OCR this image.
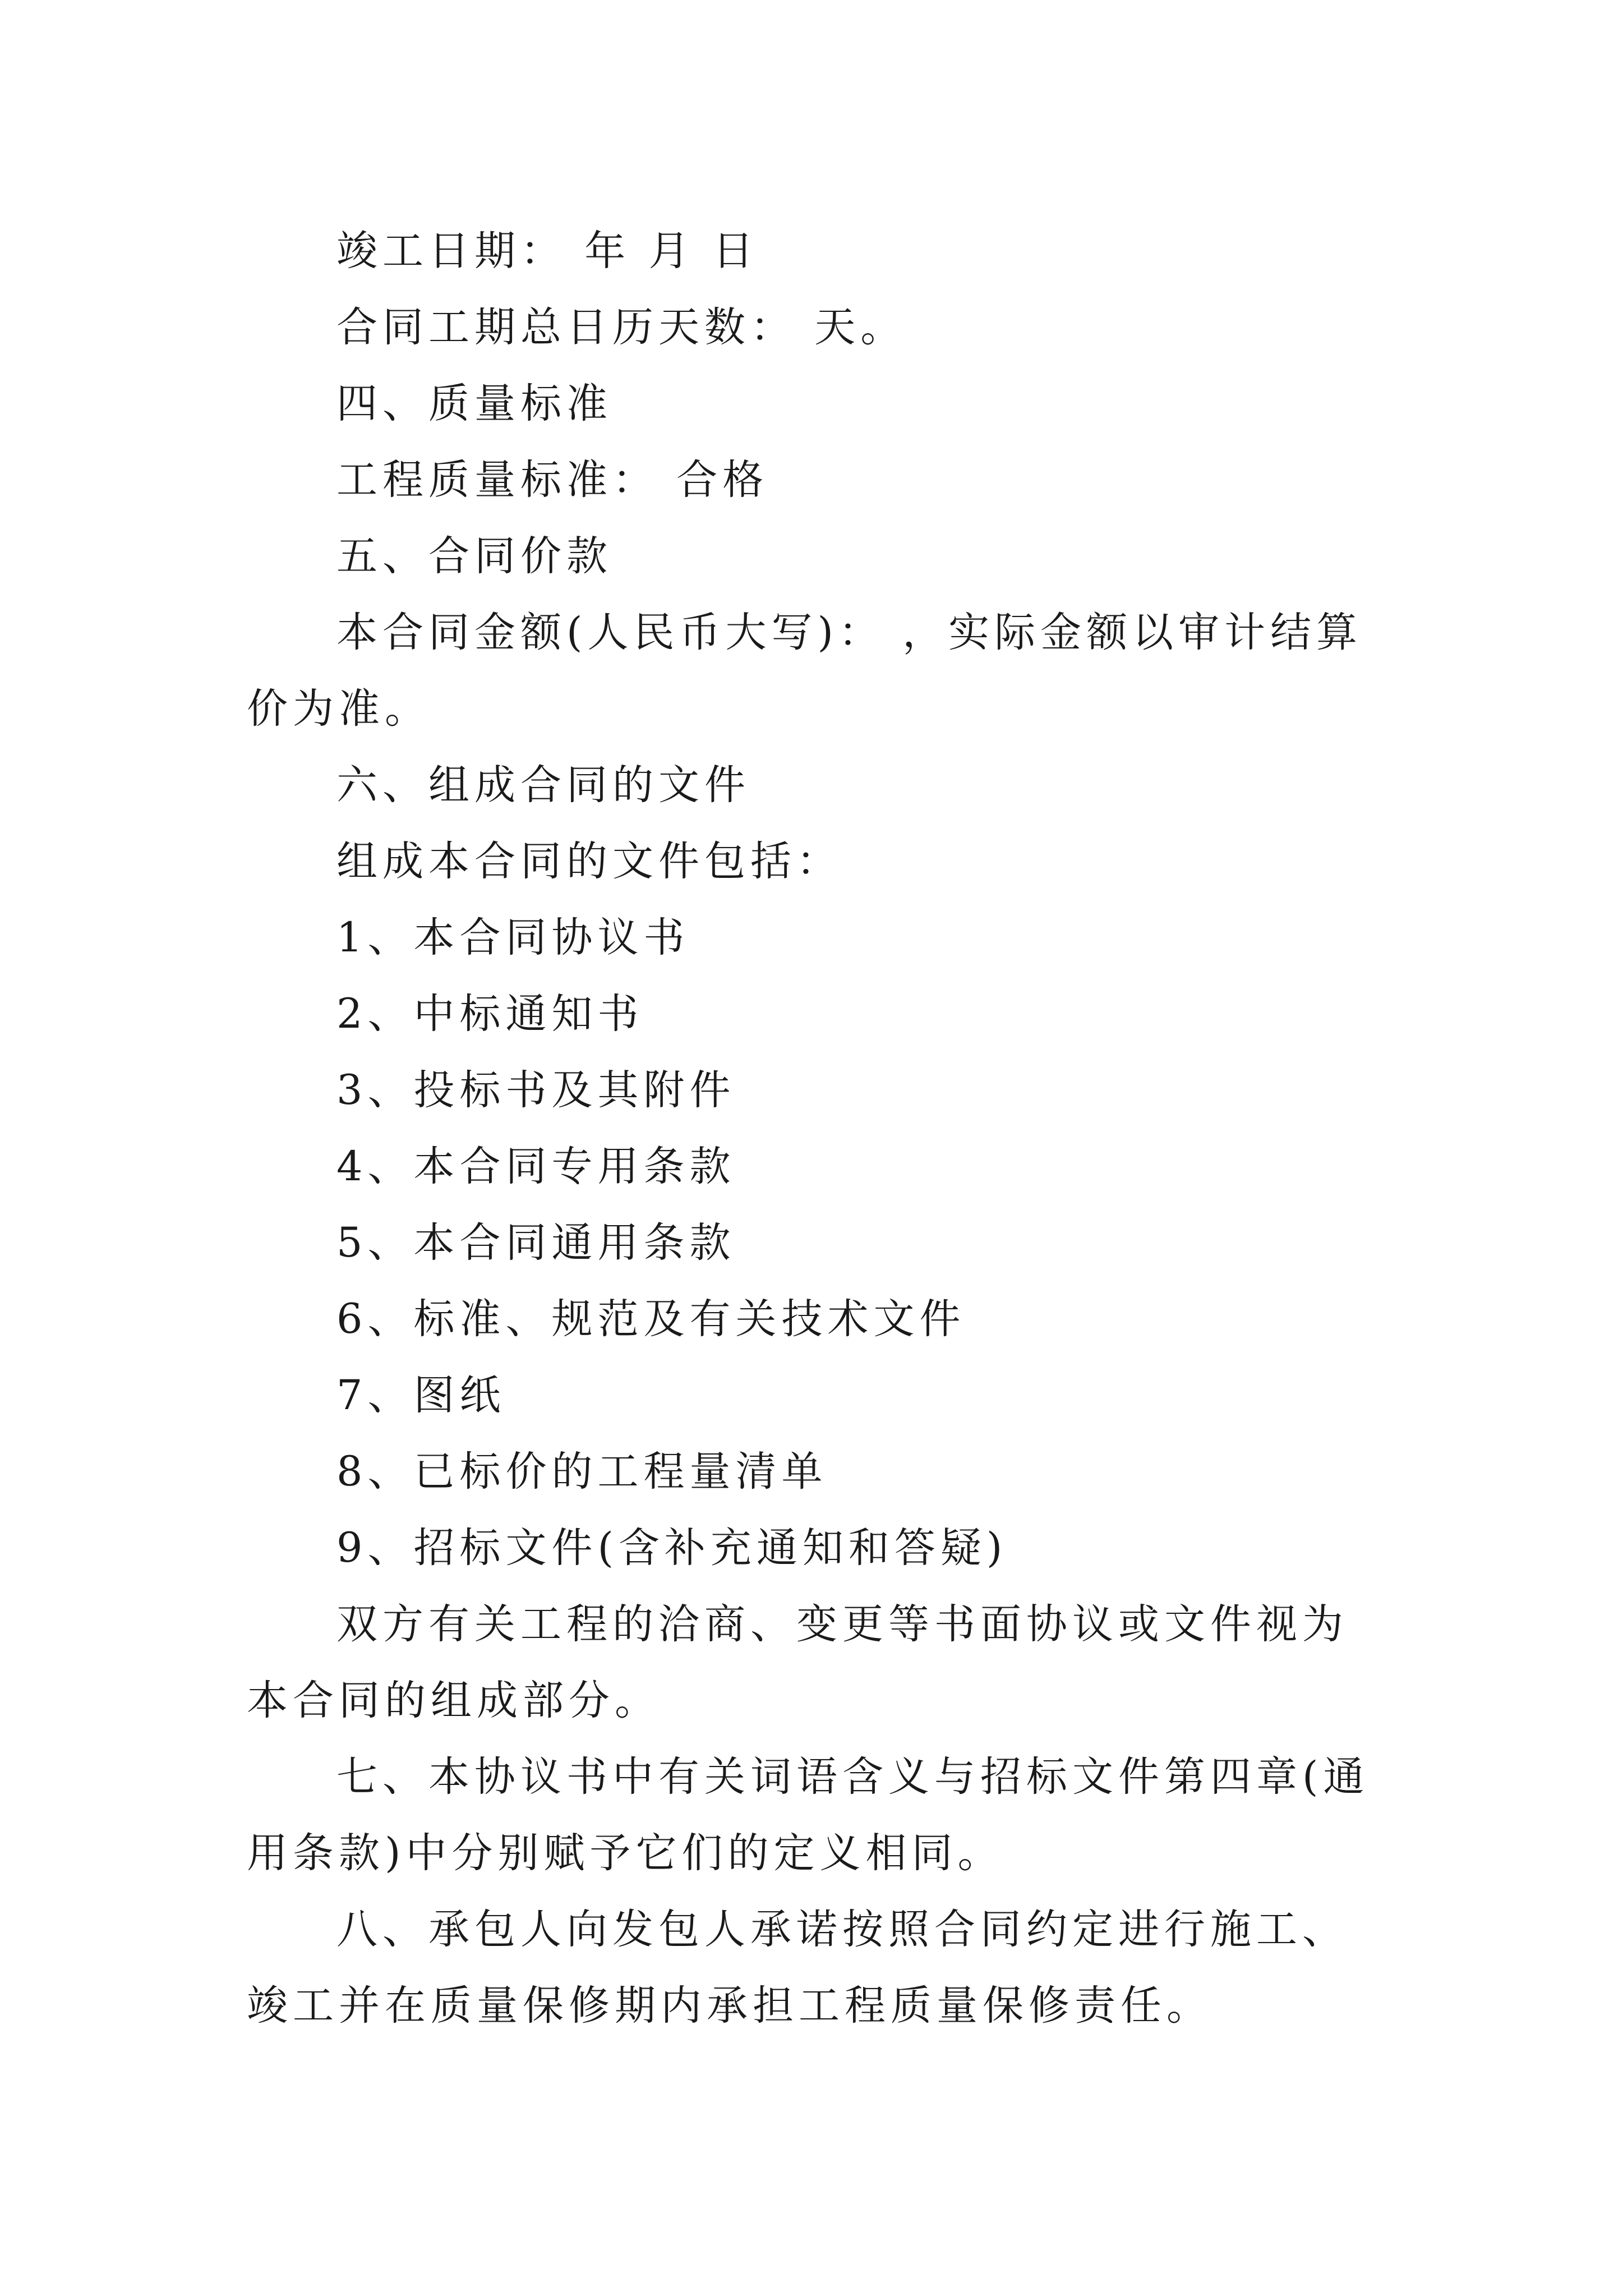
竣工日期： 年 月 日

合同工期总日历天数： 天。

四、质量标准

工程质量标准： 合格

五、合同价款

本合同金额(人民币大写)： ，实际金额以审计结算价为准。

六、组成合同的文件

组成本合同的文件包括：

1、本合同协议书

2、中标通知书

3、投标书及其附件

4、本合同专用条款

5、本合同通用条款

6、标准、规范及有关技术文件

7、图纸

8、已标价的工程量清单

9、招标文件(含补充通知和答疑)

双方有关工程的洽商、变更等书面协议或文件视为本合同的组成部分。

七、本协议书中有关词语含义与招标文件第四章(通用条款)中分别赋予它们的定义相同。

八、承包人向发包人承诺按照合同约定进行施工、竣工并在质量保修期内承担工程质量保修责任。
